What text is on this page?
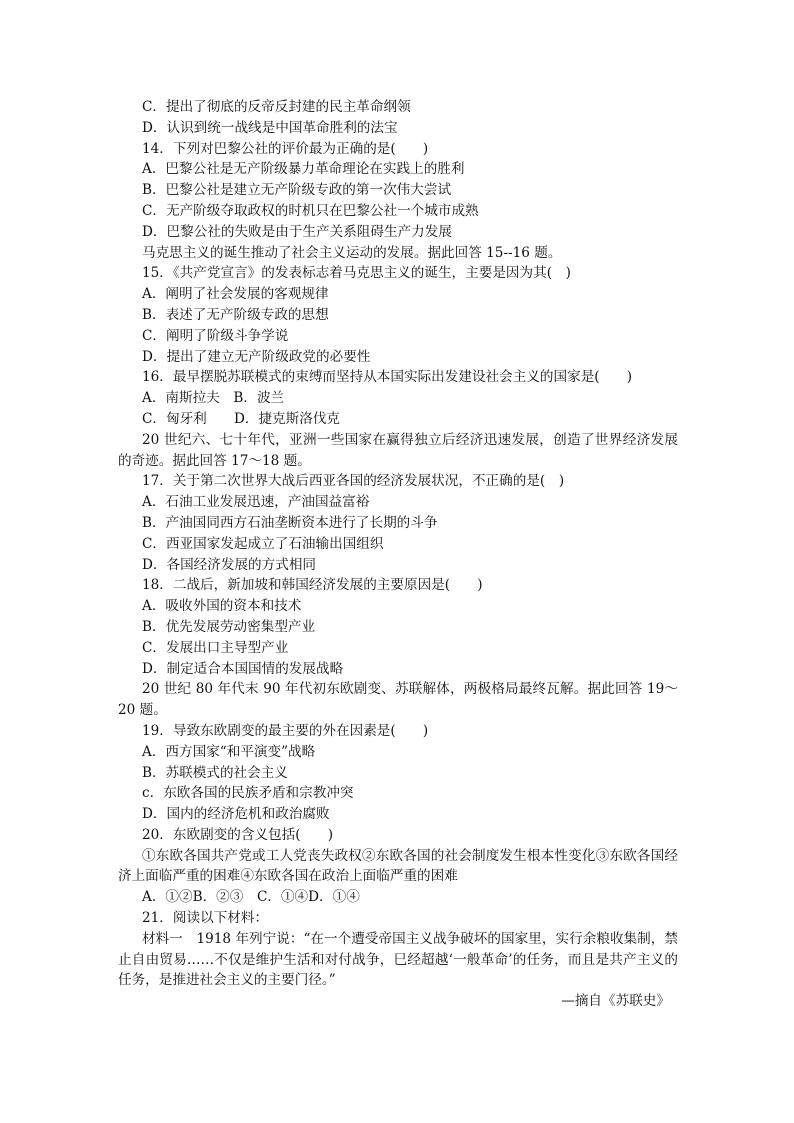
C．提出了彻底的反帝反封建的民主革命纲领
D．认识到统一战线是中国革命胜利的法宝
14．下列对巴黎公社的评价最为正确的是(　　)
A．巴黎公社是无产阶级暴力革命理论在实践上的胜利
B．巴黎公社是建立无产阶级专政的第一次伟大尝试
C．无产阶级夺取政权的时机只在巴黎公社一个城市成熟
D．巴黎公社的失败是由于生产关系阻碍生产力发展
马克思主义的诞生推动了社会主义运动的发展。据此回答 15--16 题。
15．《共产党宣言》的发表标志着马克思主义的诞生，主要是因为其(　)
A．阐明了社会发展的客观规律
B．表述了无产阶级专政的思想
C．阐明了阶级斗争学说
D．提出了建立无产阶级政党的必要性
16．最早摆脱苏联模式的束缚而坚持从本国实际出发建设社会主义的国家是(　　)
A．南斯拉夫　B．波兰
C．匈牙利　　D．捷克斯洛伐克
20 世纪六、七十年代，亚洲一些国家在赢得独立后经济迅速发展，创造了世界经济发展的奇迹。据此回答 17～18 题。
17．关于第二次世界大战后西亚各国的经济发展状况，不正确的是(　)
A．石油工业发展迅速，产油国益富裕
B．产油国同西方石油垄断资本进行了长期的斗争
C．西亚国家发起成立了石油输出国组织
D．各国经济发展的方式相同
18．二战后，新加坡和韩国经济发展的主要原因是(　　)
A．吸收外国的资本和技术
B．优先发展劳动密集型产业
C．发展出口主导型产业
D．制定适合本国国情的发展战略
20 世纪 80 年代末 90 年代初东欧剧变、苏联解体，两极格局最终瓦解。据此回答 19～20 题。
19．导致东欧剧变的最主要的外在因素是(　　)
A．西方国家“和平演变”战略
B．苏联模式的社会主义
c．东欧各国的民族矛盾和宗教冲突
D．国内的经济危机和政治腐败
20．东欧剧变的含义包括(　　)
①东欧各国共产党或工人党丧失政权②东欧各国的社会制度发生根本性变化③东欧各国经济上面临严重的困难④东欧各国在政治上面临严重的困难
A．①②B．②③　C．①④D．①④
21．阅读以下材料：
材料一　1918 年列宁说：“在一个遭受帝国主义战争破坏的国家里，实行余粮收集制，禁止自由贸易……不仅是维护生活和对付战争，巳经超越‘一般革命’的任务，而且是共产主义的任务，是推进社会主义的主要门径。”
—摘自《苏联史》
